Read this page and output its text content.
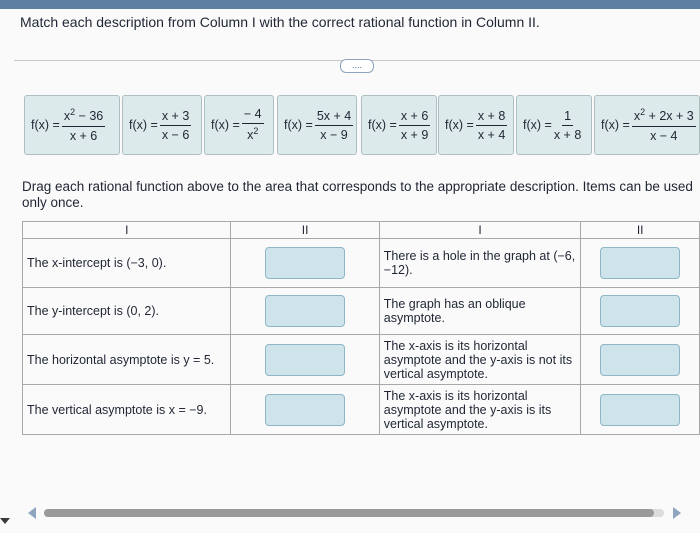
Match each description from Column I with the correct rational function in Column II.
....
$f(x) = \frac{x^2 - 36}{x + 6} f(x) = \frac{x + 3}{x - 6} f(x) = \frac{- 4}{x^2} f(x) = \frac{5x + 4}{x - 9} f(x) = \frac{x + 6}{x + 9} f(x) = \frac{x + 8}{x + 4} f(x) = \frac{1}{x + 8} f(x) = \frac{x^2 + 2x + 3}{x - 4}$
Drag each rational function above to the area that corresponds to the appropriate description. Items can be used only once.
I	II	I	II
The x-intercept is (−3, 0).		There is a hole in the graph at (−6, −12).	

The y-intercept is (0, 2).		The graph has an oblique asymptote.	

The horizontal asymptote is y = 5.		The x-axis is its horizontal asymptote and the y-axis is not its vertical asymptote.	

The vertical asymptote is x = −9.		The x-axis is its horizontal asymptote and the y-axis is its vertical asymptote.	
